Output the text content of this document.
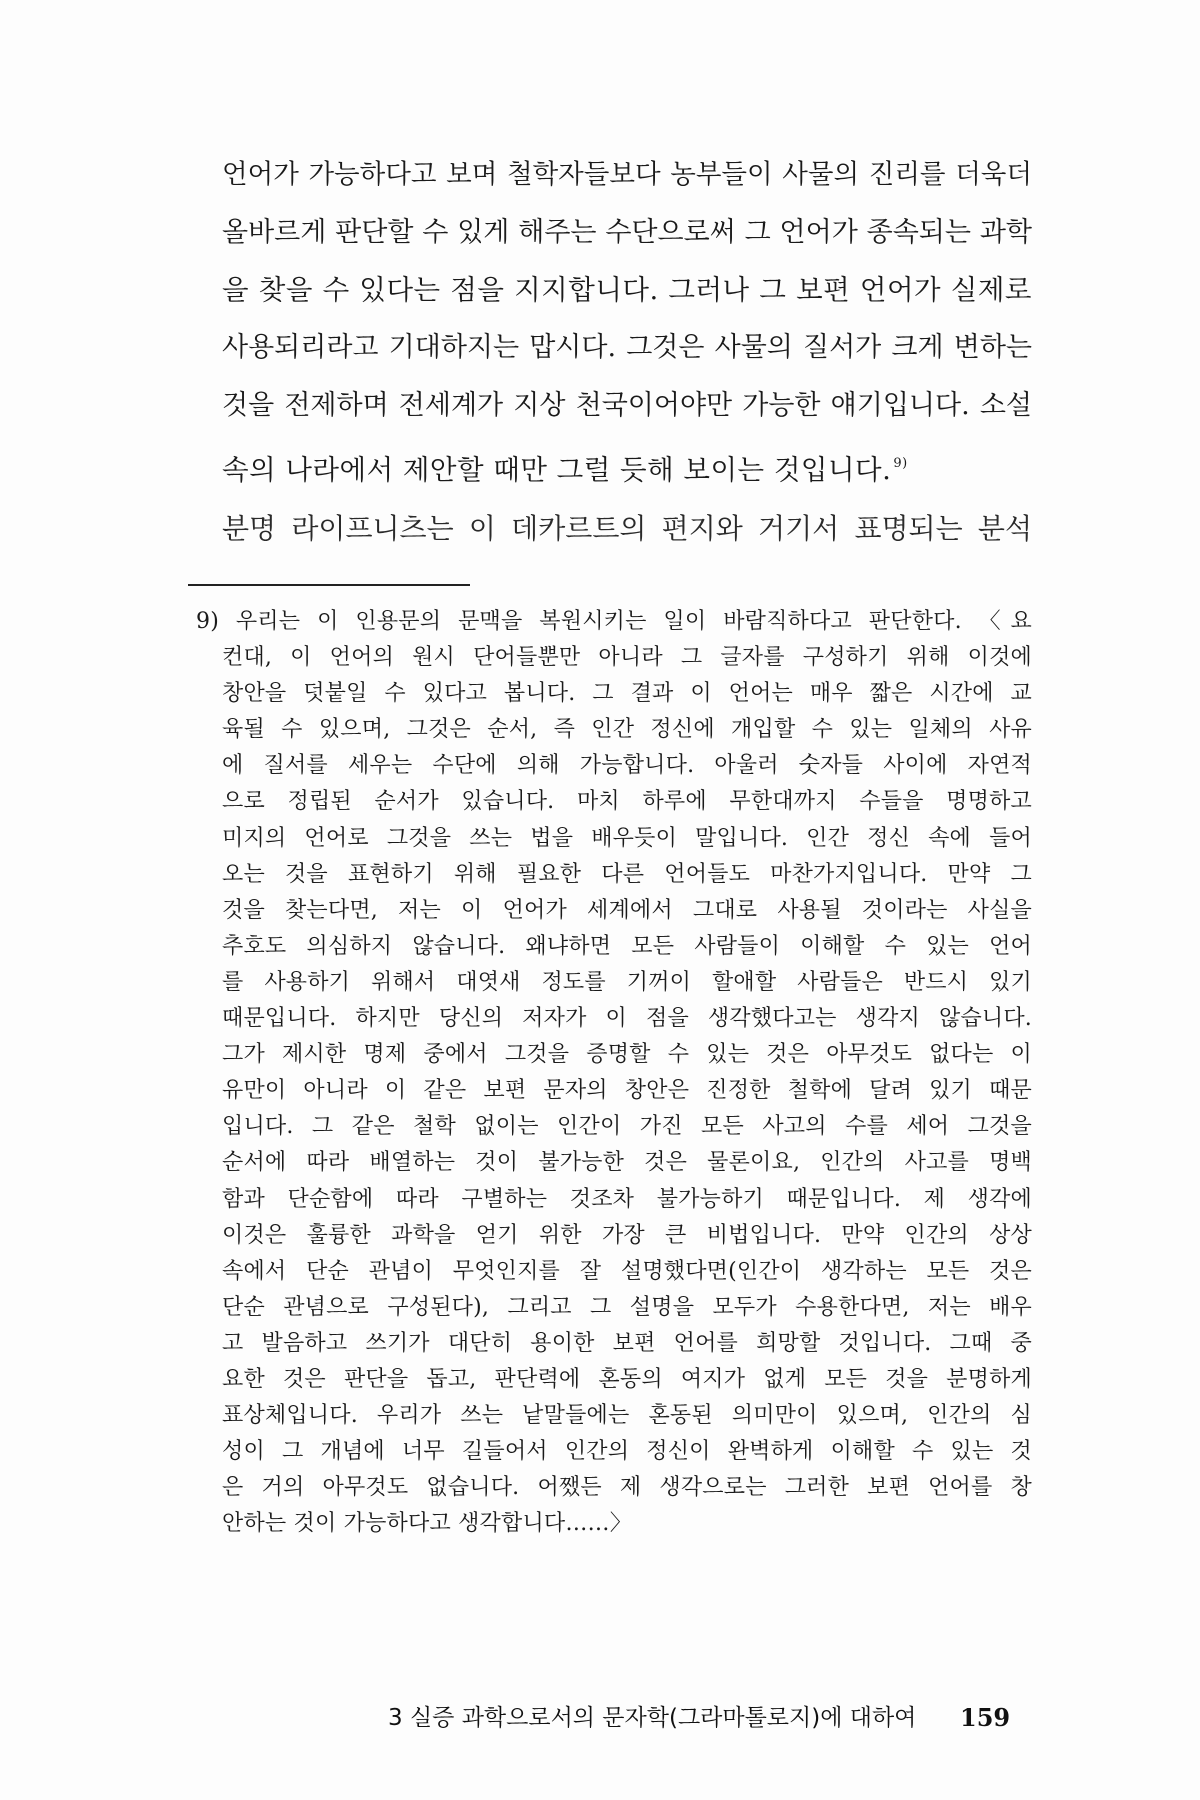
언어가 가능하다고 보며 철학자들보다 농부들이 사물의 진리를 더욱더
올바르게 판단할 수 있게 해주는 수단으로써 그 언어가 종속되는 과학
을 찾을 수 있다는 점을 지지합니다. 그러나 그 보편 언어가 실제로
사용되리라고 기대하지는 맙시다. 그것은 사물의 질서가 크게 변하는
것을 전제하며 전세계가 지상 천국이어야만 가능한 얘기입니다. 소설
속의 나라에서 제안할 때만 그럴 듯해 보이는 것입니다. $^{9)}$
분명 라이프니츠는 이 데카르트의 편지와 거기서 표명되는 분석
9) 우리는 이 인용문의 문맥을 복원시키는 일이 바람직하다고 판단한다. 〈요
컨대, 이 언어의 원시 단어들뿐만 아니라 그 글자를 구성하기 위해 이것에
창안을 덧붙일 수 있다고 봅니다. 그 결과 이 언어는 매우 짧은 시간에 교
육될 수 있으며, 그것은 순서, 즉 인간 정신에 개입할 수 있는 일체의 사유
에 질서를 세우는 수단에 의해 가능합니다. 아울러 숫자들 사이에 자연적
으로 정립된 순서가 있습니다. 마치 하루에 무한대까지 수들을 명명하고
미지의 언어로 그것을 쓰는 법을 배우듯이 말입니다. 인간 정신 속에 들어
오는 것을 표현하기 위해 필요한 다른 언어들도 마찬가지입니다. 만약 그
것을 찾는다면, 저는 이 언어가 세계에서 그대로 사용될 것이라는 사실을
추호도 의심하지 않습니다. 왜냐하면 모든 사람들이 이해할 수 있는 언어
를 사용하기 위해서 대엿새 정도를 기꺼이 할애할 사람들은 반드시 있기
때문입니다. 하지만 당신의 저자가 이 점을 생각했다고는 생각지 않습니다.
그가 제시한 명제 중에서 그것을 증명할 수 있는 것은 아무것도 없다는 이
유만이 아니라 이 같은 보편 문자의 창안은 진정한 철학에 달려 있기 때문
입니다. 그 같은 철학 없이는 인간이 가진 모든 사고의 수를 세어 그것을
순서에 따라 배열하는 것이 불가능한 것은 물론이요, 인간의 사고를 명백
함과 단순함에 따라 구별하는 것조차 불가능하기 때문입니다. 제 생각에
이것은 훌륭한 과학을 얻기 위한 가장 큰 비법입니다. 만약 인간의 상상
속에서 단순 관념이 무엇인지를 잘 설명했다면(인간이 생각하는 모든 것은
단순 관념으로 구성된다), 그리고 그 설명을 모두가 수용한다면, 저는 배우
고 발음하고 쓰기가 대단히 용이한 보편 언어를 희망할 것입니다. 그때 중
요한 것은 판단을 돕고, 판단력에 혼동의 여지가 없게 모든 것을 분명하게
표상체입니다. 우리가 쓰는 낱말들에는 혼동된 의미만이 있으며, 인간의 심
성이 그 개념에 너무 길들어서 인간의 정신이 완벽하게 이해할 수 있는 것
은 거의 아무것도 없습니다. 어쨌든 제 생각으로는 그러한 보편 언어를 창
안하는 것이 가능하다고 생각합니다……〉
3 실증 과학으로서의 문자학(그라마톨로지)에 대하여 159
